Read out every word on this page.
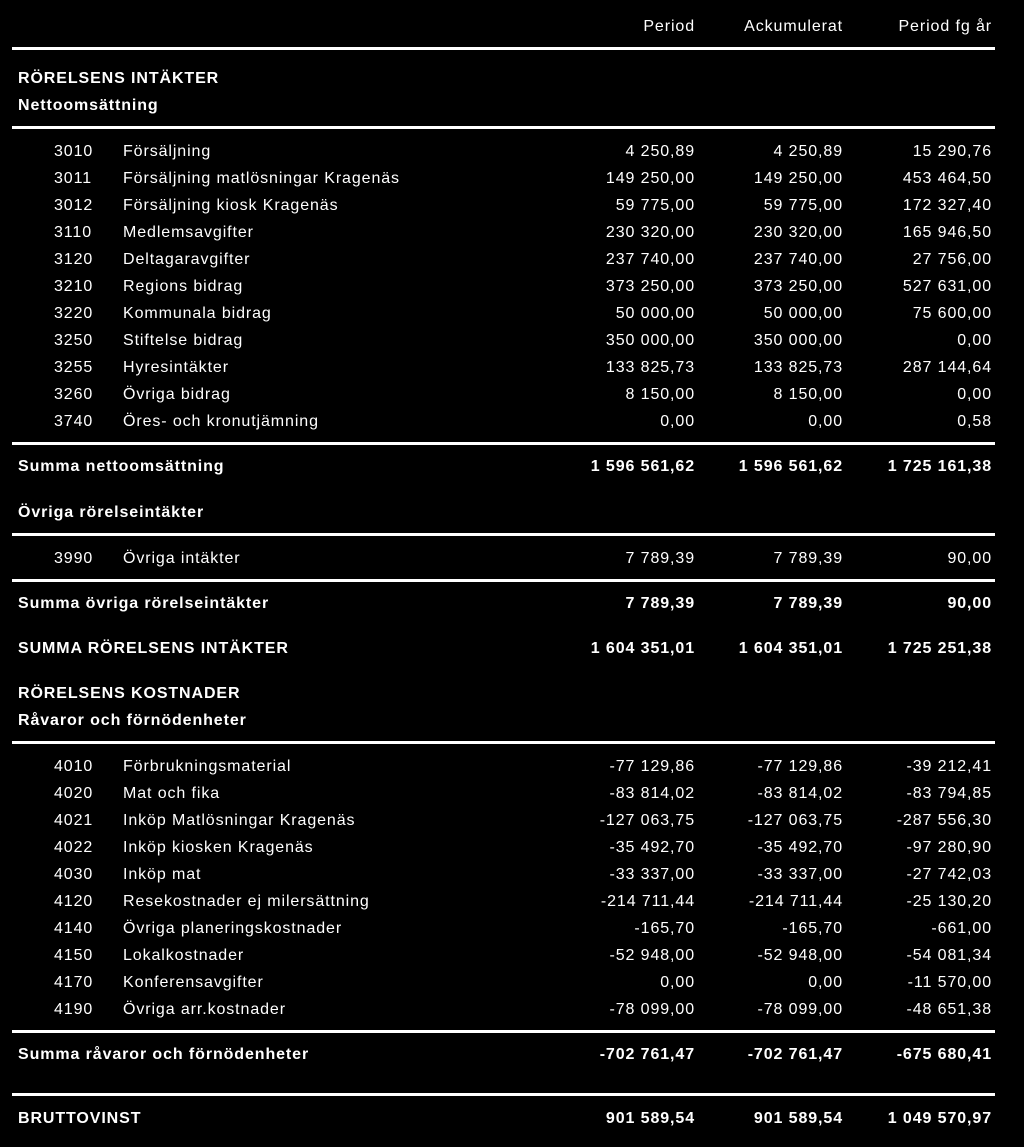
Period	Ackumulerat	Period fg år
RÖRELSENS INTÄKTER
Nettoomsättning
3010 Försäljning	4 250,89	4 250,89	15 290,76
3011 Försäljning matlösningar Kragenäs	149 250,00	149 250,00	453 464,50
3012 Försäljning kiosk Kragenäs	59 775,00	59 775,00	172 327,40
3110 Medlemsavgifter	230 320,00	230 320,00	165 946,50
3120 Deltagaravgifter	237 740,00	237 740,00	27 756,00
3210 Regions bidrag	373 250,00	373 250,00	527 631,00
3220 Kommunala bidrag	50 000,00	50 000,00	75 600,00
3250 Stiftelse bidrag	350 000,00	350 000,00	0,00
3255 Hyresintäkter	133 825,73	133 825,73	287 144,64
3260 Övriga bidrag	8 150,00	8 150,00	0,00
3740 Öres- och kronutjämning	0,00	0,00	0,58
Summa nettoomsättning	1 596 561,62	1 596 561,62	1 725 161,38
Övriga rörelseintäkter
3990 Övriga intäkter	7 789,39	7 789,39	90,00
Summa övriga rörelseintäkter	7 789,39	7 789,39	90,00
SUMMA RÖRELSENS INTÄKTER	1 604 351,01	1 604 351,01	1 725 251,38
RÖRELSENS KOSTNADER
Råvaror och förnödenheter
4010 Förbrukningsmaterial	-77 129,86	-77 129,86	-39 212,41
4020 Mat och fika	-83 814,02	-83 814,02	-83 794,85
4021 Inköp Matlösningar Kragenäs	-127 063,75	-127 063,75	-287 556,30
4022 Inköp kiosken Kragenäs	-35 492,70	-35 492,70	-97 280,90
4030 Inköp mat	-33 337,00	-33 337,00	-27 742,03
4120 Resekostnader ej milersättning	-214 711,44	-214 711,44	-25 130,20
4140 Övriga planeringskostnader	-165,70	-165,70	-661,00
4150 Lokalkostnader	-52 948,00	-52 948,00	-54 081,34
4170 Konferensavgifter	0,00	0,00	-11 570,00
4190 Övriga arr.kostnader	-78 099,00	-78 099,00	-48 651,38
Summa råvaror och förnödenheter	-702 761,47	-702 761,47	-675 680,41
BRUTTOVINST	901 589,54	901 589,54	1 049 570,97
